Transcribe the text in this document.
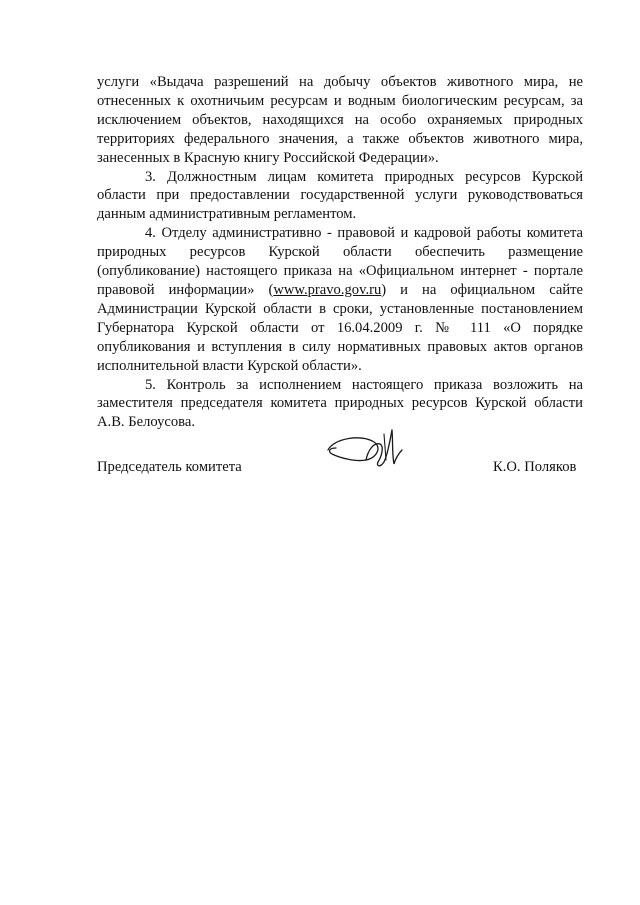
услуги «Выдача разрешений на добычу объектов животного мира, не отнесенных к охотничьим ресурсам и водным биологическим ресурсам, за исключением объектов, находящихся на особо охраняемых природных территориях федерального значения, а также объектов животного мира, занесенных в Красную книгу Российской Федерации».

3. Должностным лицам комитета природных ресурсов Курской области при предоставлении государственной услуги руководствоваться данным административным регламентом.

4. Отделу административно - правовой и кадровой работы комитета природных ресурсов Курской области обеспечить размещение (опубликование) настоящего приказа на «Официальном интернет - портале правовой информации» (www.pravo.gov.ru) и на официальном сайте Администрации Курской области в сроки, установленные постановлением Губернатора Курской области от 16.04.2009 г. № 111 «О порядке опубликования и вступления в силу нормативных правовых актов органов исполнительной власти Курской области».

5. Контроль за исполнением настоящего приказа возложить на заместителя председателя комитета природных ресурсов Курской области А.В. Белоусова.

Председатель комитета	К.О. Поляков
